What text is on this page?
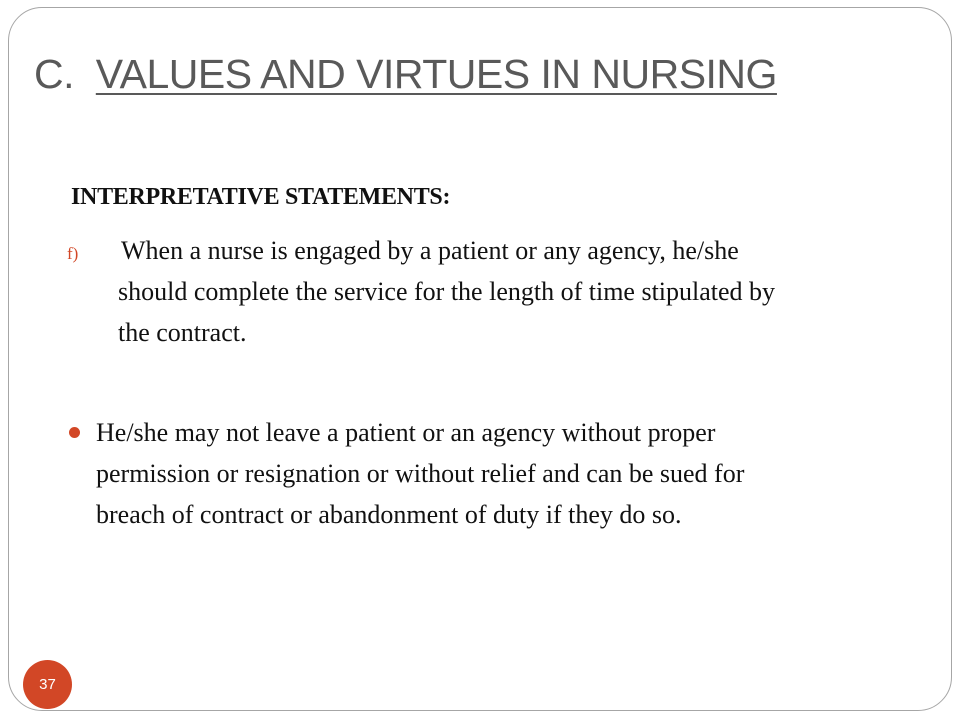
C.  VALUES AND VIRTUES IN NURSING
INTERPRETATIVE STATEMENTS:
f) When a nurse is engaged by a patient or any agency, he/she
should complete the service for the length of time stipulated by
the contract.
He/she may not leave a patient or an agency without proper
permission or resignation or without relief and can be sued for
breach of contract or abandonment of duty if they do so.
37
